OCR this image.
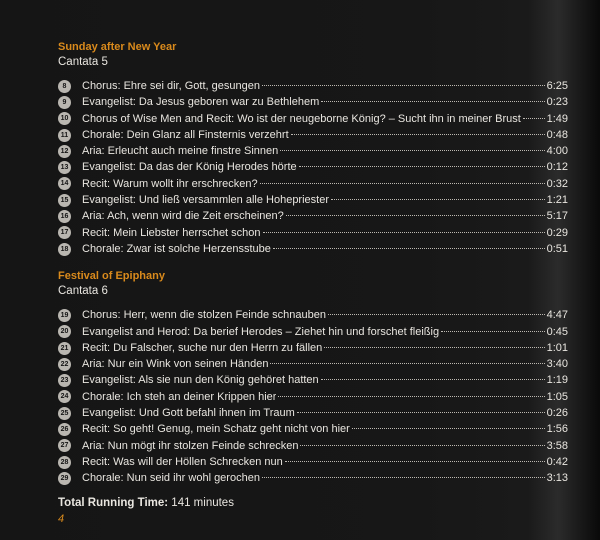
Sunday after New Year
Cantata 5
8	Chorus: Ehre sei dir, Gott, gesungen	6:25
9	Evangelist: Da Jesus geboren war zu Bethlehem	0:23
10 Chorus of Wise Men and Recit: Wo ist der neugeborne König? – Sucht ihn in meiner Brust 1:49
11 Chorale: Dein Glanz all Finsternis verzehrt	0:48
12 Aria: Erleucht auch meine finstre Sinnen	4:00
13 Evangelist: Da das der König Herodes hörte	0:12
14 Recit: Warum wollt ihr erschrecken?	0:32
15 Evangelist: Und ließ versammlen alle Hohepriester	1:21
16 Aria: Ach, wenn wird die Zeit erscheinen?	5:17
17 Recit: Mein Liebster herrschet schon	0:29
18 Chorale: Zwar ist solche Herzensstube	0:51
Festival of Epiphany
Cantata 6
19 Chorus: Herr, wenn die stolzen Feinde schnauben	4:47
20 Evangelist and Herod: Da berief Herodes – Ziehet hin und forschet fleißig	0:45
21 Recit: Du Falscher, suche nur den Herrn zu fällen	1:01
22 Aria: Nur ein Wink von seinen Händen	3:40
23 Evangelist: Als sie nun den König gehöret hatten	1:19
24 Chorale: Ich steh an deiner Krippen hier	1:05
25 Evangelist: Und Gott befahl ihnen im Traum	0:26
26 Recit: So geht! Genug, mein Schatz geht nicht von hier	1:56
27 Aria: Nun mögt ihr stolzen Feinde schrecken	3:58
28 Recit: Was will der Höllen Schrecken nun	0:42
29 Chorale: Nun seid ihr wohl gerochen	3:13
Total Running Time: 141 minutes
4
